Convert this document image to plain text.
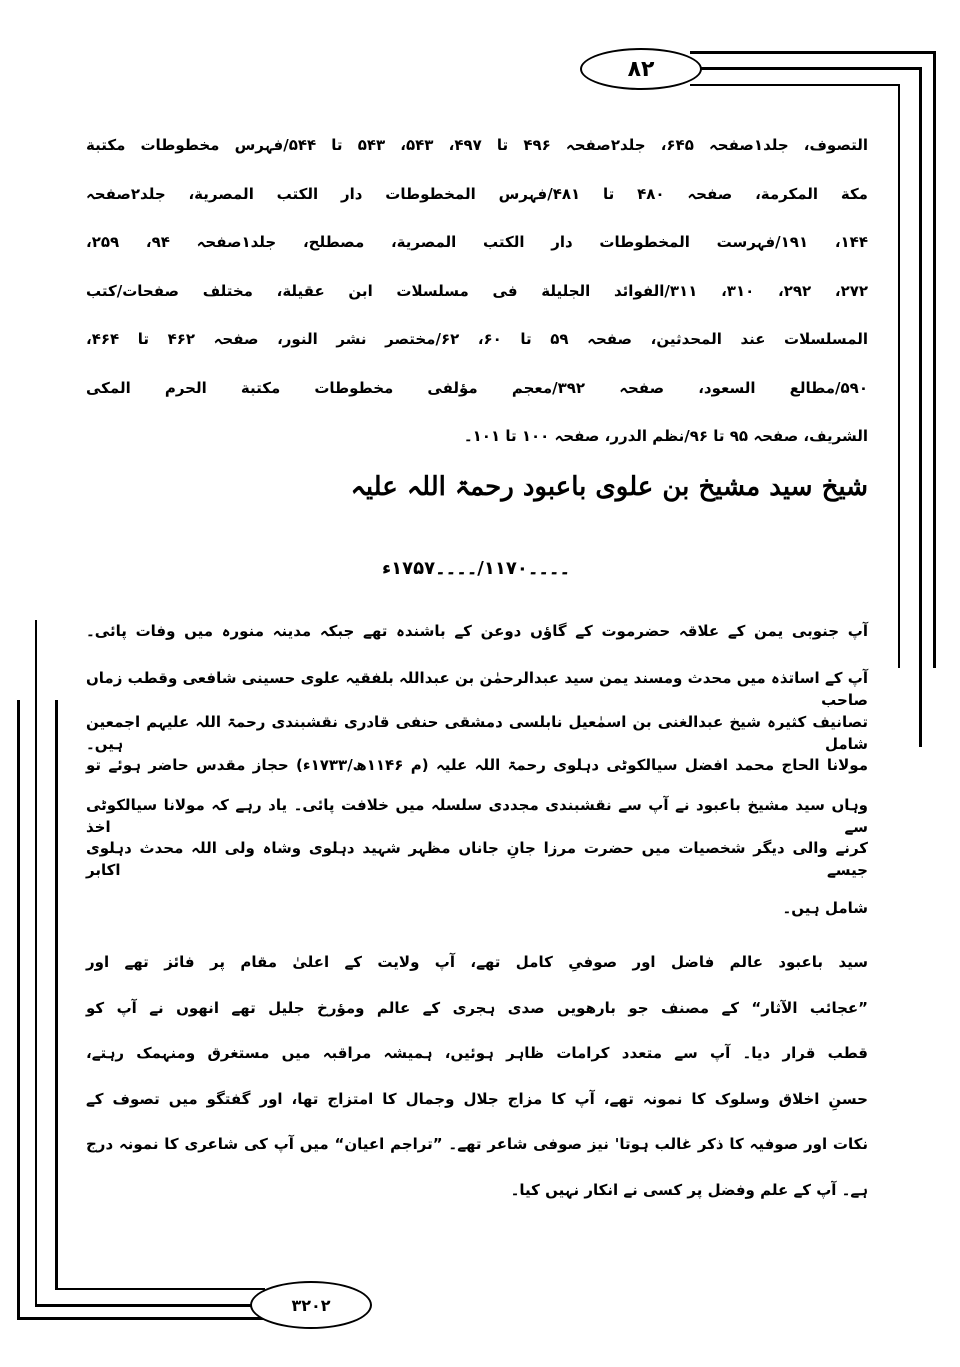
۸۲
۳۲۰۲
التصوف، جلد۱صفحہ ۶۴۵، جلد۲صفحہ ۴۹۶ تا ۴۹۷، ۵۴۳، ۵۴۳ تا ۵۴۴/فہرس مخطوطات مکتبة
مکة المکرمة، صفحہ ۴۸۰ تا ۴۸۱/فہرس المخطوطات دار الکتب المصریة، جلد۲صفحہ
۱۴۴، ۱۹۱/فہرست المخطوطات دار الکتب المصریة، مصطلح، جلد۱صفحہ ۹۴، ۲۵۹،
۲۷۲، ۲۹۲، ۳۱۰، ۳۱۱/الفوائد الجلیلة فی مسلسلات ابن عقیلة، مختلف صفحات/کتب
المسلسلات عند المحدثین، صفحہ ۵۹ تا ۶۰، ۶۲/مختصر نشر النور، صفحہ ۴۶۲ تا ۴۶۴،
۵۹۰/مطالع السعود، صفحہ ۳۹۲/معجم مؤلفی مخطوطات مکتبة الحرم المکی
الشریف، صفحہ ۹۵ تا ۹۶/نظم الدرر، صفحہ ۱۰۰ تا ۱۰۱۔
شیخ سید مشیخ بن علوی باعبود رحمۃ اللہ علیہ
۔۔۔۔۱۱۷۰/۔۔۔۔۱۷۵۷ء
آپ جنوبی یمن کے علاقہ حضرموت کے گاؤں دوعن کے باشندہ تھے جبکہ مدینہ منورہ میں وفات پائی۔
آپ کے اساتذہ میں محدث ومسند یمن سید عبدالرحمٰن بن عبداللہ بلفقیہ علوی حسینی شافعی وقطب زماں صاحب
تصانیف کثیرہ شیخ عبدالغنی بن اسمٰعیل نابلسی دمشقی حنفی قادری نقشبندی رحمۃ اللہ علیہم اجمعین شامل ہیں۔
مولانا الحاج محمد افضل سیالکوٹی دہلوی رحمۃ اللہ علیہ (م ۱۱۴۶ھ/۱۷۳۳ء) حجاز مقدس حاضر ہوئے تو
وہاں سید مشیخ باعبود نے آپ سے نقشبندی مجددی سلسلہ میں خلافت پائی۔ یاد رہے کہ مولانا سیالکوٹی سے اخذ
کرنے والی دیگر شخصیات میں حضرت مرزا جانِ جاناں مظہر شہید دہلوی وشاہ ولی اللہ محدث دہلوی جیسے اکابر
شامل ہیں۔
سید باعبود عالم فاضل اور صوفیِ کامل تھے، آپ ولایت کے اعلیٰ مقام پر فائز تھے اور
”عجائب الآثار“ کے مصنف جو بارھویں صدی ہجری کے عالم ومؤرخ جلیل تھے انھوں نے آپ کو
قطب قرار دیا۔ آپ سے متعدد کرامات ظاہر ہوئیں، ہمیشہ مراقبہ میں مستغرق ومنہمک رہتے،
حسنِ اخلاق وسلوک کا نمونہ تھے، آپ کا مزاج جلال وجمال کا امتزاج تھا، اور گفتگو میں تصوف کے
نکات اور صوفیہ کا ذکر غالب ہوتا' نیز صوفی شاعر تھے۔ ”تراجم اعیان“ میں آپ کی شاعری کا نمونہ درج
ہے۔ آپ کے علم وفضل پر کسی نے انکار نہیں کیا۔
